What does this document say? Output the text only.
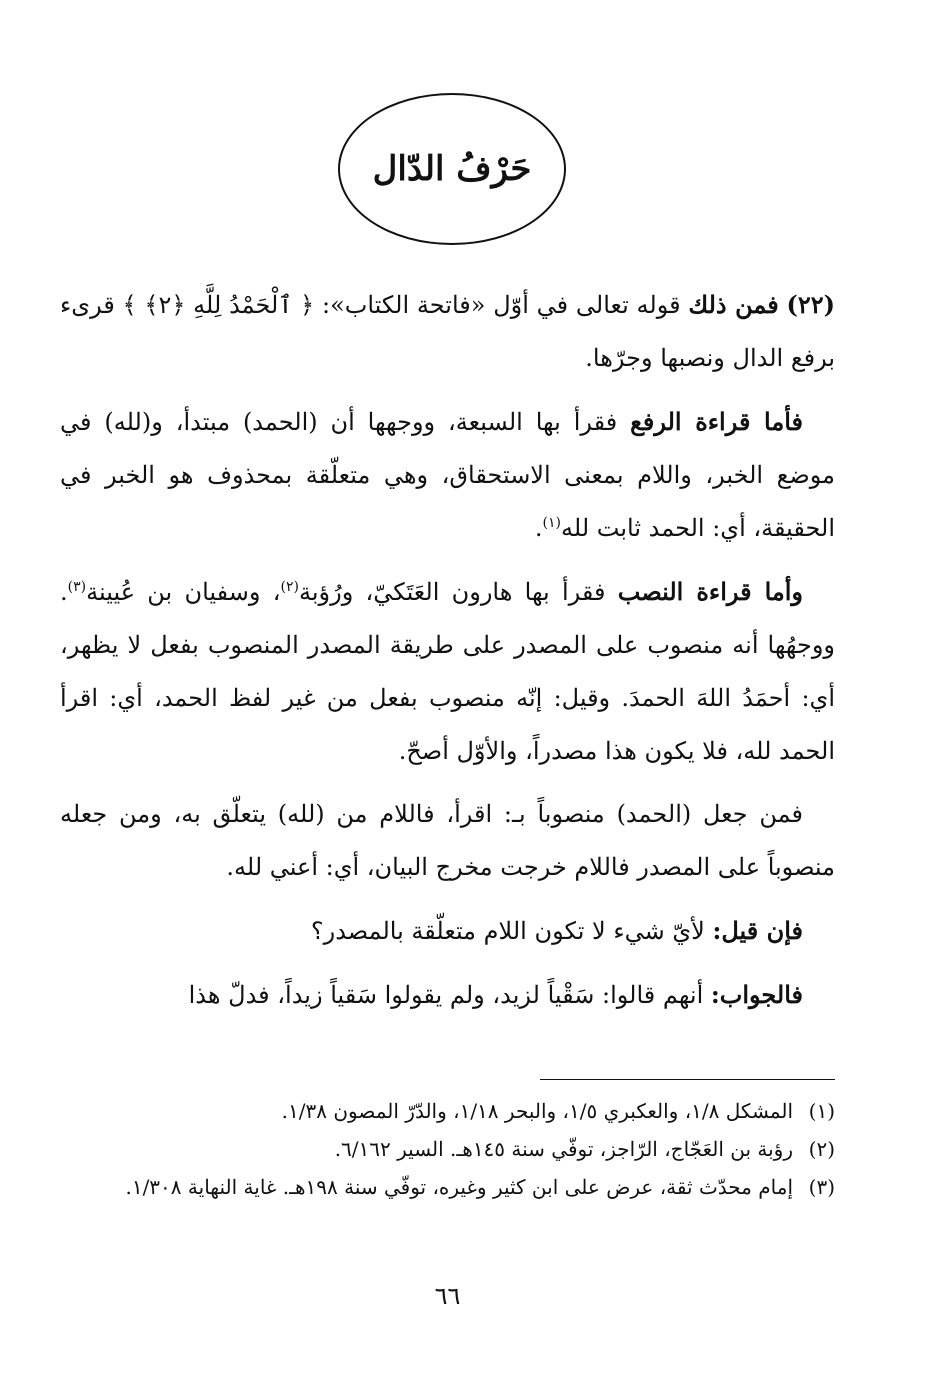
حَرْفُ الدّال

(٢٢) فمن ذلك قوله تعالى في أوّل «فاتحة الكتاب»: ﴿ ٱلْحَمْدُ لِلَّهِ ﴿٢﴾ ﴾ قرىء برفع الدال ونصبها وجرّها.

فأما قراءة الرفع فقرأ بها السبعة، ووجهها أن (الحمد) مبتدأ، و(لله) في موضع الخبر، واللام بمعنى الاستحقاق، وهي متعلّقة بمحذوف هو الخبر في الحقيقة، أي: الحمد ثابت لله$^{(١)}$.

وأما قراءة النصب فقرأ بها هارون العَتَكيّ، ورُؤبة$^{(٢)}$، وسفيان بن عُيينة$^{(٣)}$. ووجهُها أنه منصوب على المصدر على طريقة المصدر المنصوب بفعل لا يظهر، أي: أحمَدُ اللهَ الحمدَ. وقيل: إنّه منصوب بفعل من غير لفظ الحمد، أي: اقرأ الحمد لله، فلا يكون هذا مصدراً، والأوّل أصحّ.

فمن جعل (الحمد) منصوباً بـ: اقرأ، فاللام من (لله) يتعلّق به، ومن جعله منصوباً على المصدر فاللام خرجت مخرج البيان، أي: أعني لله.

فإن قيل: لأيّ شيء لا تكون اللام متعلّقة بالمصدر؟

فالجواب: أنهم قالوا: سَقْياً لزيد، ولم يقولوا سَقياً زيداً، فدلّ هذا

(١)
المشكل ١/٨، والعكبري ١/٥، والبحر ١/١٨، والدّرّ المصون ١/٣٨.
(٢)
رؤبة بن العَجّاج، الرّاجز، توفّي سنة ١٤٥هـ. السير ٦/١٦٢.
(٣)
إمام محدّث ثقة، عرض على ابن كثير وغيره، توفّي سنة ١٩٨هـ. غاية النهاية ١/٣٠٨.
٦٦
